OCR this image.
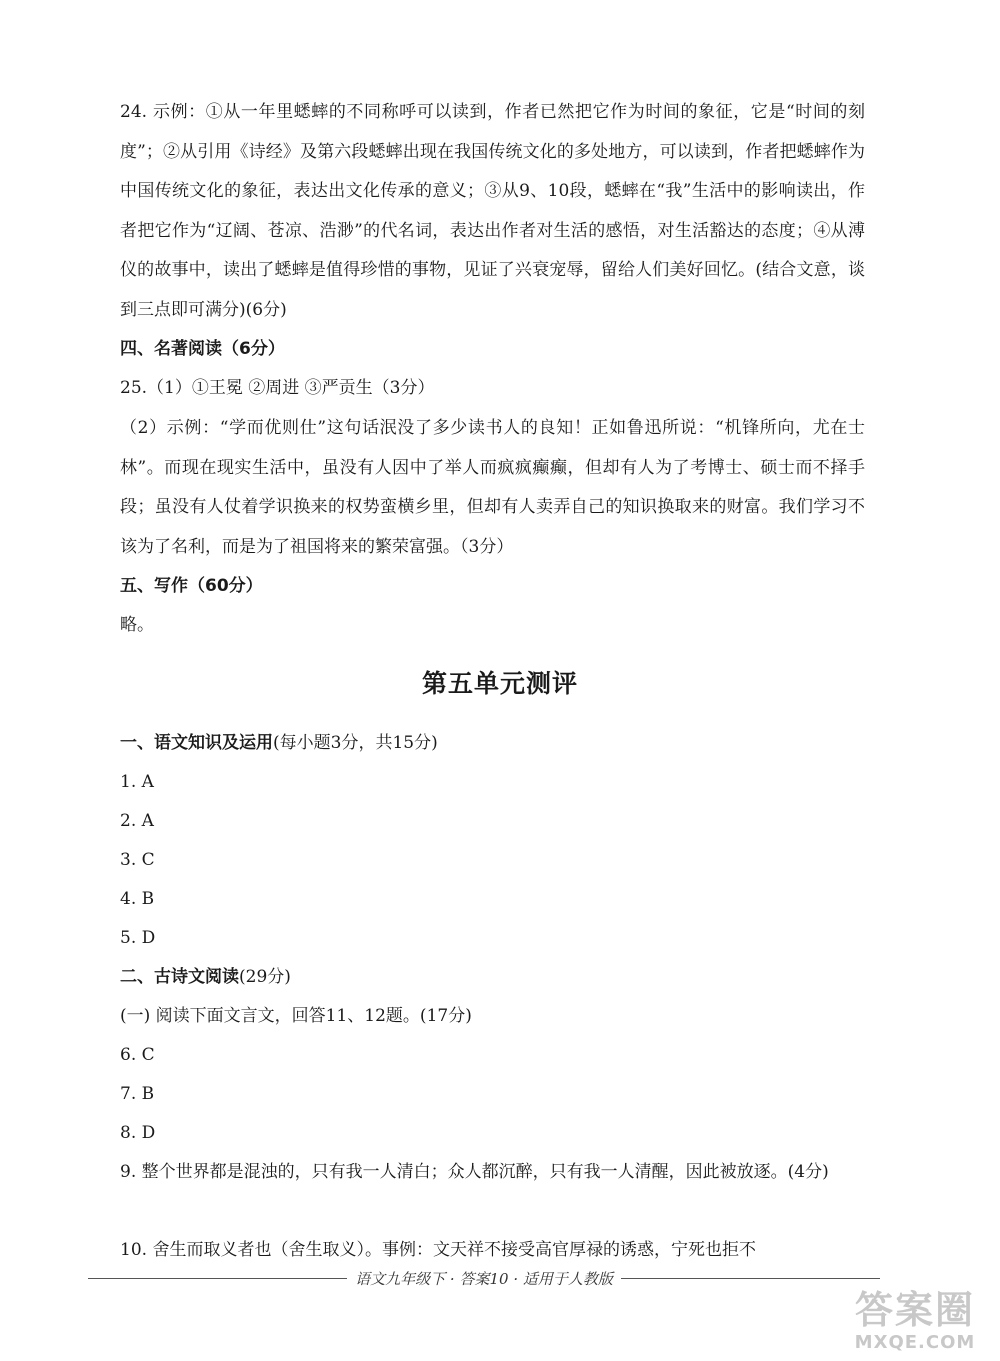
24. 示例：①从一年里蟋蟀的不同称呼可以读到，作者已然把它作为时间的象征，它是“时间的刻度”；②从引用《诗经》及第六段蟋蟀出现在我国传统文化的多处地方，可以读到，作者把蟋蟀作为中国传统文化的象征，表达出文化传承的意义；③从9、10段，蟋蟀在“我”生活中的影响读出，作者把它作为“辽阔、苍凉、浩渺”的代名词，表达出作者对生活的感悟，对生活豁达的态度；④从溥仪的故事中，读出了蟋蟀是值得珍惜的事物，见证了兴衰宠辱，留给人们美好回忆。(结合文意，谈到三点即可满分)(6分)

四、名著阅读（6分）

25.（1）①王冕 ②周进 ③严贡生（3分）

（2）示例：“学而优则仕”这句话泯没了多少读书人的良知！正如鲁迅所说：“机锋所向，尤在士林”。而现在现实生活中，虽没有人因中了举人而疯疯癫癫，但却有人为了考博士、硕士而不择手段；虽没有人仗着学识换来的权势蛮横乡里，但却有人卖弄自己的知识换取来的财富。我们学习不该为了名利，而是为了祖国将来的繁荣富强。（3分）

五、写作（60分）

略。

第五单元测评

一、语文知识及运用(每小题3分，共15分)

1. A

2. A

3. C

4. B

5. D

二、古诗文阅读(29分)

(一) 阅读下面文言文，回答11、12题。(17分)

6. C

7. B

8. D

9. 整个世界都是混浊的，只有我一人清白；众人都沉醉，只有我一人清醒，因此被放逐。(4分)

10. 舍生而取义者也（舍生取义）。事例：文天祥不接受高官厚禄的诱惑，宁死也拒不

语文九年级下 · 答案10 · 适用于人教版
答案圈
MXQE.COM
